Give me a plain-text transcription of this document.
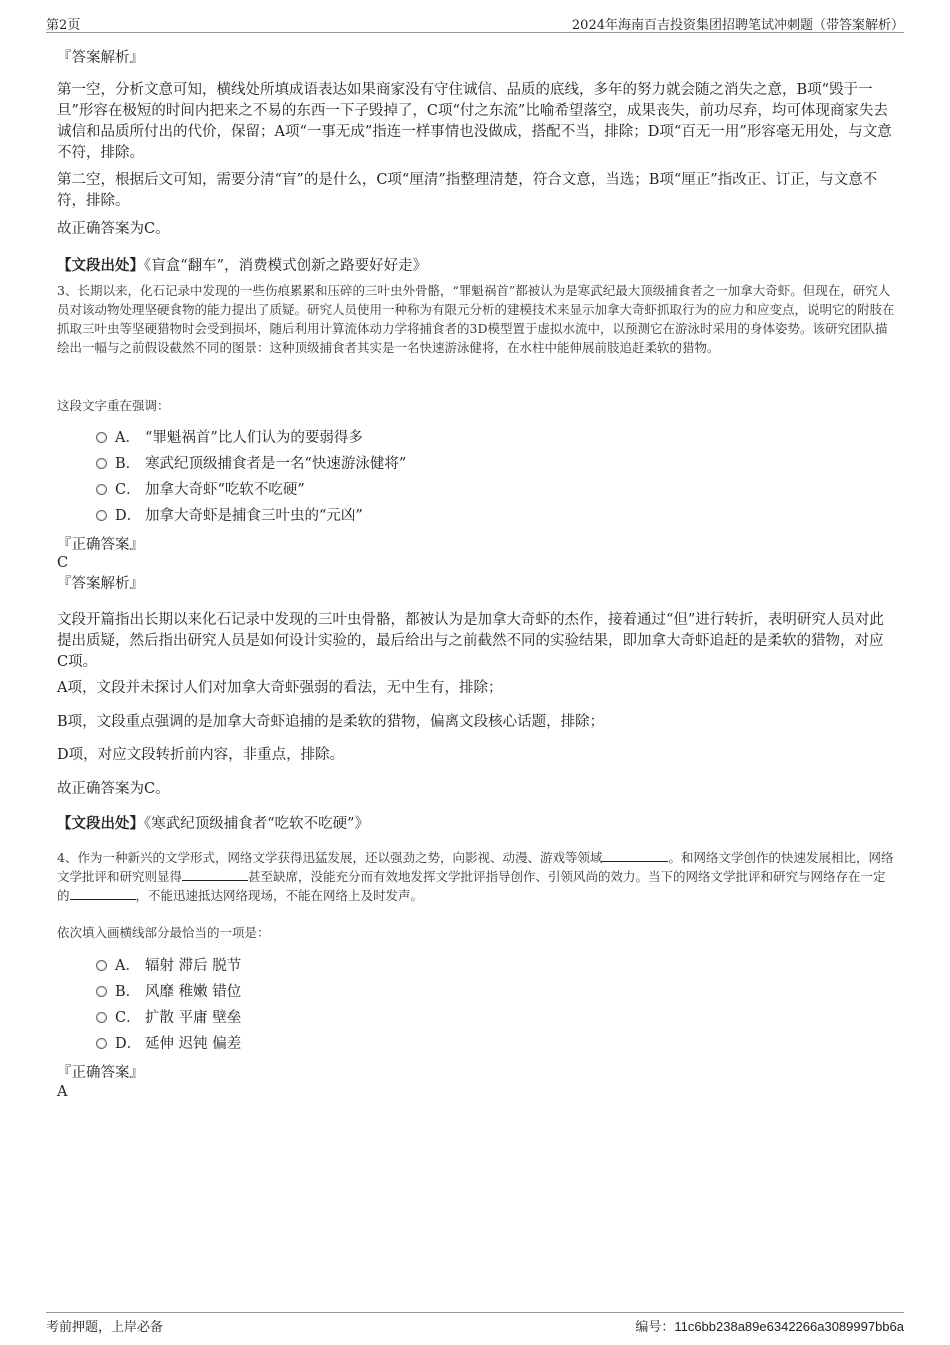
第2页	2024年海南百吉投资集团招聘笔试冲刺题（带答案解析）
『答案解析』
第一空，分析文意可知，横线处所填成语表达如果商家没有守住诚信、品质的底线，多年的努力就会随之消失之意，B项“毁于一旦”形容在极短的时间内把来之不易的东西一下子毁掉了，C项“付之东流”比喻希望落空，成果丧失，前功尽弃，均可体现商家失去诚信和品质所付出的代价，保留；A项“一事无成”指连一样事情也没做成，搭配不当，排除；D项“百无一用”形容毫无用处，与文意不符，排除。
第二空，根据后文可知，需要分清“盲”的是什么，C项“厘清”指整理清楚，符合文意，当选；B项“厘正”指改正、订正，与文意不符，排除。
故正确答案为C。
【文段出处】《盲盒“翻车”，消费模式创新之路要好好走》
3、长期以来，化石记录中发现的一些伤痕累累和压碎的三叶虫外骨骼，“罪魁祸首”都被认为是寒武纪最大顶级捕食者之一加拿大奇虾。但现在，研究人员对该动物处理坚硬食物的能力提出了质疑。研究人员使用一种称为有限元分析的建模技术来显示加拿大奇虾抓取行为的应力和应变点，说明它的附肢在抓取三叶虫等坚硬猎物时会受到损坏，随后利用计算流体动力学将捕食者的3D模型置于虚拟水流中，以预测它在游泳时采用的身体姿势。该研究团队描绘出一幅与之前假设截然不同的图景：这种顶级捕食者其实是一名快速游泳健将，在水柱中能伸展前肢追赶柔软的猎物。
这段文字重在强调：
A． “罪魁祸首”比人们认为的要弱得多
B． 寒武纪顶级捕食者是一名“快速游泳健将”
C． 加拿大奇虾“吃软不吃硬”
D． 加拿大奇虾是捕食三叶虫的“元凶”
『正确答案』
C
『答案解析』
文段开篇指出长期以来化石记录中发现的三叶虫骨骼，都被认为是加拿大奇虾的杰作，接着通过“但”进行转折，表明研究人员对此提出质疑，然后指出研究人员是如何设计实验的，最后给出与之前截然不同的实验结果，即加拿大奇虾追赶的是柔软的猎物，对应C项。
A项，文段并未探讨人们对加拿大奇虾强弱的看法，无中生有，排除；
B项，文段重点强调的是加拿大奇虾追捕的是柔软的猎物，偏离文段核心话题，排除；
D项，对应文段转折前内容，非重点，排除。
故正确答案为C。
【文段出处】《寒武纪顶级捕食者“吃软不吃硬”》
4、作为一种新兴的文学形式，网络文学获得迅猛发展，还以强劲之势，向影视、动漫、游戏等领域	。和网络文学创作的快速发展相比，网络文学批评和研究则显得	甚至缺席，没能充分而有效地发挥文学批评指导创作、引领风尚的效力。当下的网络文学批评和研究与网络存在一定的	，不能迅速抵达网络现场，不能在网络上及时发声。
依次填入画横线部分最恰当的一项是：
A． 辐射 滞后 脱节
B． 风靡 稚嫩 错位
C． 扩散 平庸 壁垒
D． 延伸 迟钝 偏差
『正确答案』
A
考前押题，上岸必备	编号：11c6bb238a89e6342266a3089997bb6a
